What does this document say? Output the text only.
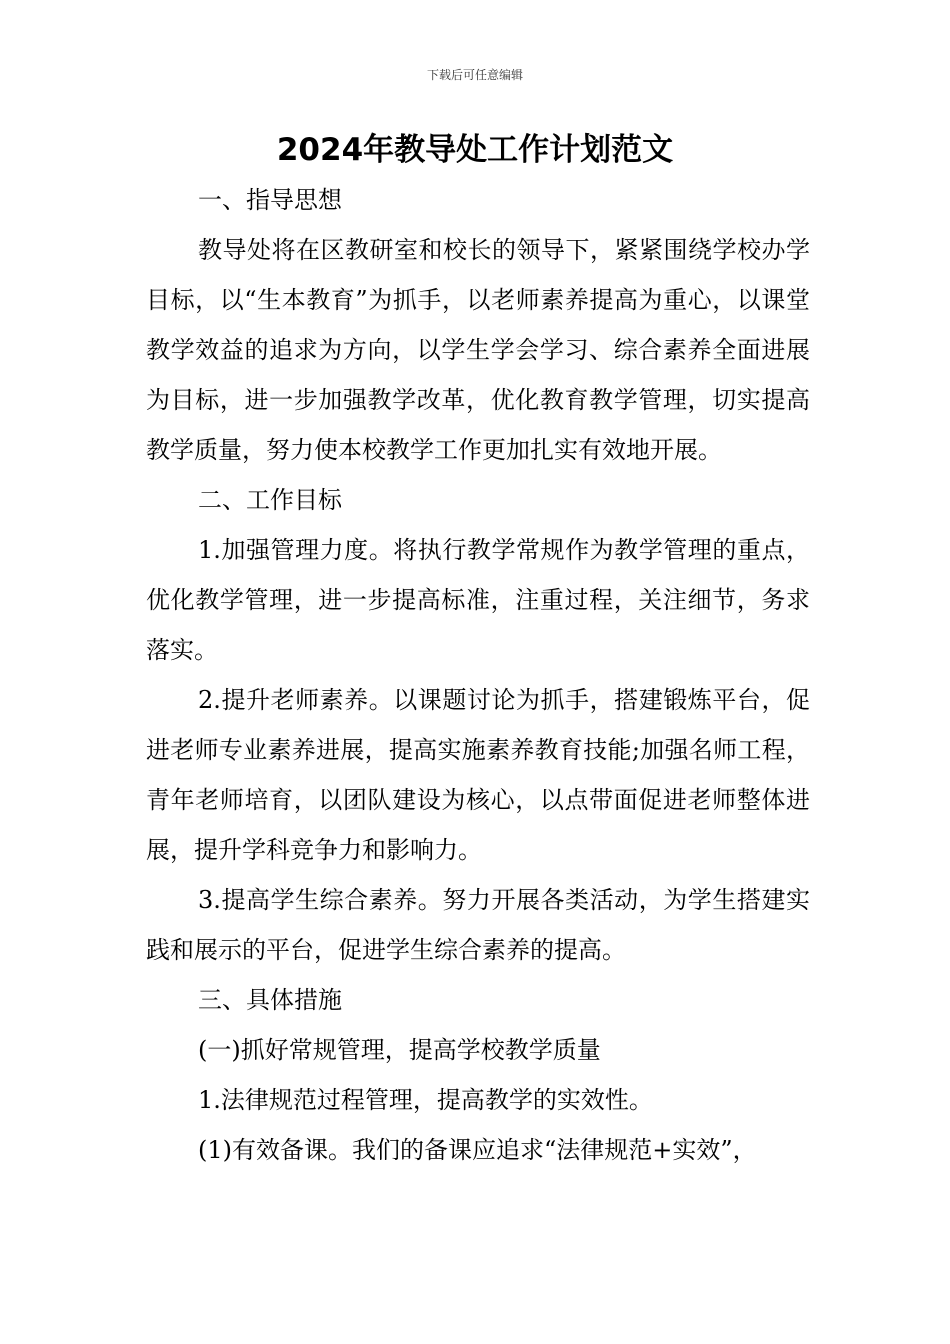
下载后可任意编辑
2024年教导处工作计划范文

一、指导思想

教导处将在区教研室和校长的领导下，紧紧围绕学校办学目标，以“生本教育”为抓手，以老师素养提高为重心，以课堂教学效益的追求为方向，以学生学会学习、综合素养全面进展为目标，进一步加强教学改革，优化教育教学管理，切实提高教学质量，努力使本校教学工作更加扎实有效地开展。

二、工作目标

1.加强管理力度。将执行教学常规作为教学管理的重点，优化教学管理，进一步提高标准，注重过程，关注细节，务求落实。

2.提升老师素养。以课题讨论为抓手，搭建锻炼平台，促进老师专业素养进展，提高实施素养教育技能;加强名师工程，青年老师培育，以团队建设为核心，以点带面促进老师整体进展，提升学科竞争力和影响力。

3.提高学生综合素养。努力开展各类活动，为学生搭建实践和展示的平台，促进学生综合素养的提高。

三、具体措施

(一)抓好常规管理，提高学校教学质量

1.法律规范过程管理，提高教学的实效性。

(1)有效备课。我们的备课应追求“法律规范+实效”，
